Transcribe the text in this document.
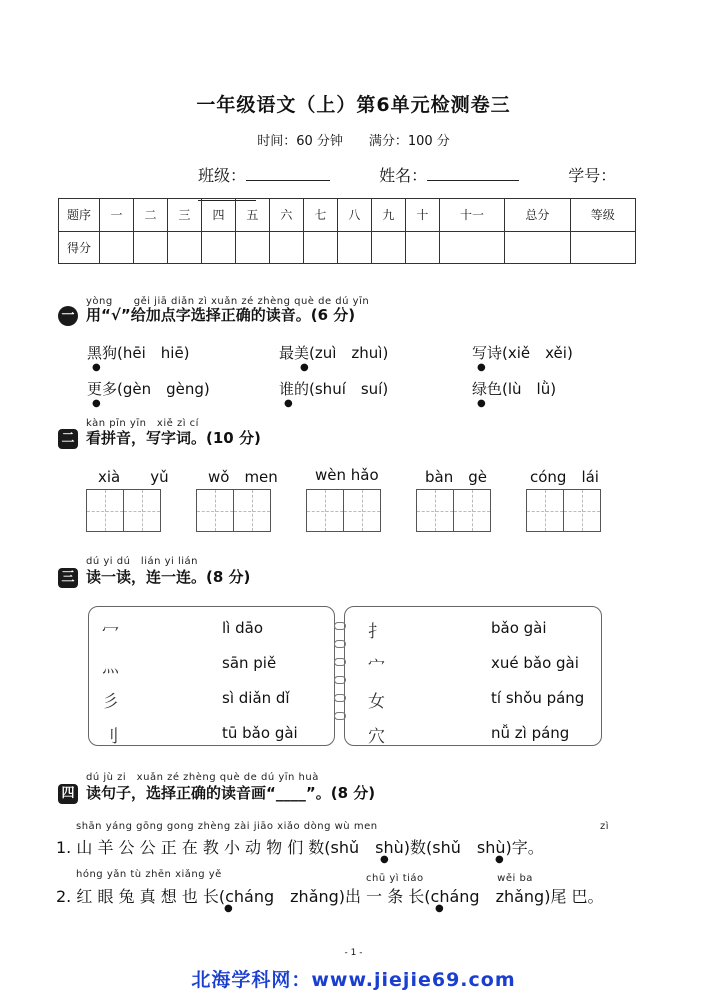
一年级语文（上）第6单元检测卷三
时间：60 分钟　　满分：100 分
班级：	姓名：	学号：
题序	一	二	三	四	五	六	七	八	九	十	十一	总分	等级
得分													
yòng　　gěi jiā diǎn zì xuǎn zé zhèng què de dú yīn
一 用“√”给加点字选择正确的读音。(6 分)
黑狗(hēi　hiē)	最美(zuì　zhuì)	写诗(xiě　xěi)
更多(gèn　gèng)	谁的(shuí　suí)	绿色(lù　lǜ)
●	●	●
●	●	●
kàn pīn yīn　xiě zì cí
二 看拼音，写字词。(10 分)
xià　　yǔ	wǒ　men wèn hǎo	bàn　gè	cóng　lái
dú yi dú　lián yi lián
三 读一读，连一连。(8 分)
冖
灬
彡
刂
lì dāo
sān piě
sì diǎn dǐ
tū bǎo gài
扌
宀
女
穴
bǎo gài
xué bǎo gài
tí shǒu páng
nǚ zì páng
dú jù zi　xuǎn zé zhèng què de dú yīn huà
四 读句子，选择正确的读音画“____”。(8 分)
shān yáng gōng gong zhèng zài jiāo xiǎo dòng wù men	zì
1. 山 羊 公 公 正 在 教 小 动 物 们 数(shǔ　shù)数(shǔ　shù)字。
●	●
hóng yǎn tù zhēn xiǎng yě	chū yì tiáo　　　　　　　wěi ba
2. 红 眼 兔 真 想 也 长(cháng　zhǎng)出 一 条 长(cháng　zhǎng)尾 巴。
●	●
- 1 -
北海学科网：www.jiejie69.com
